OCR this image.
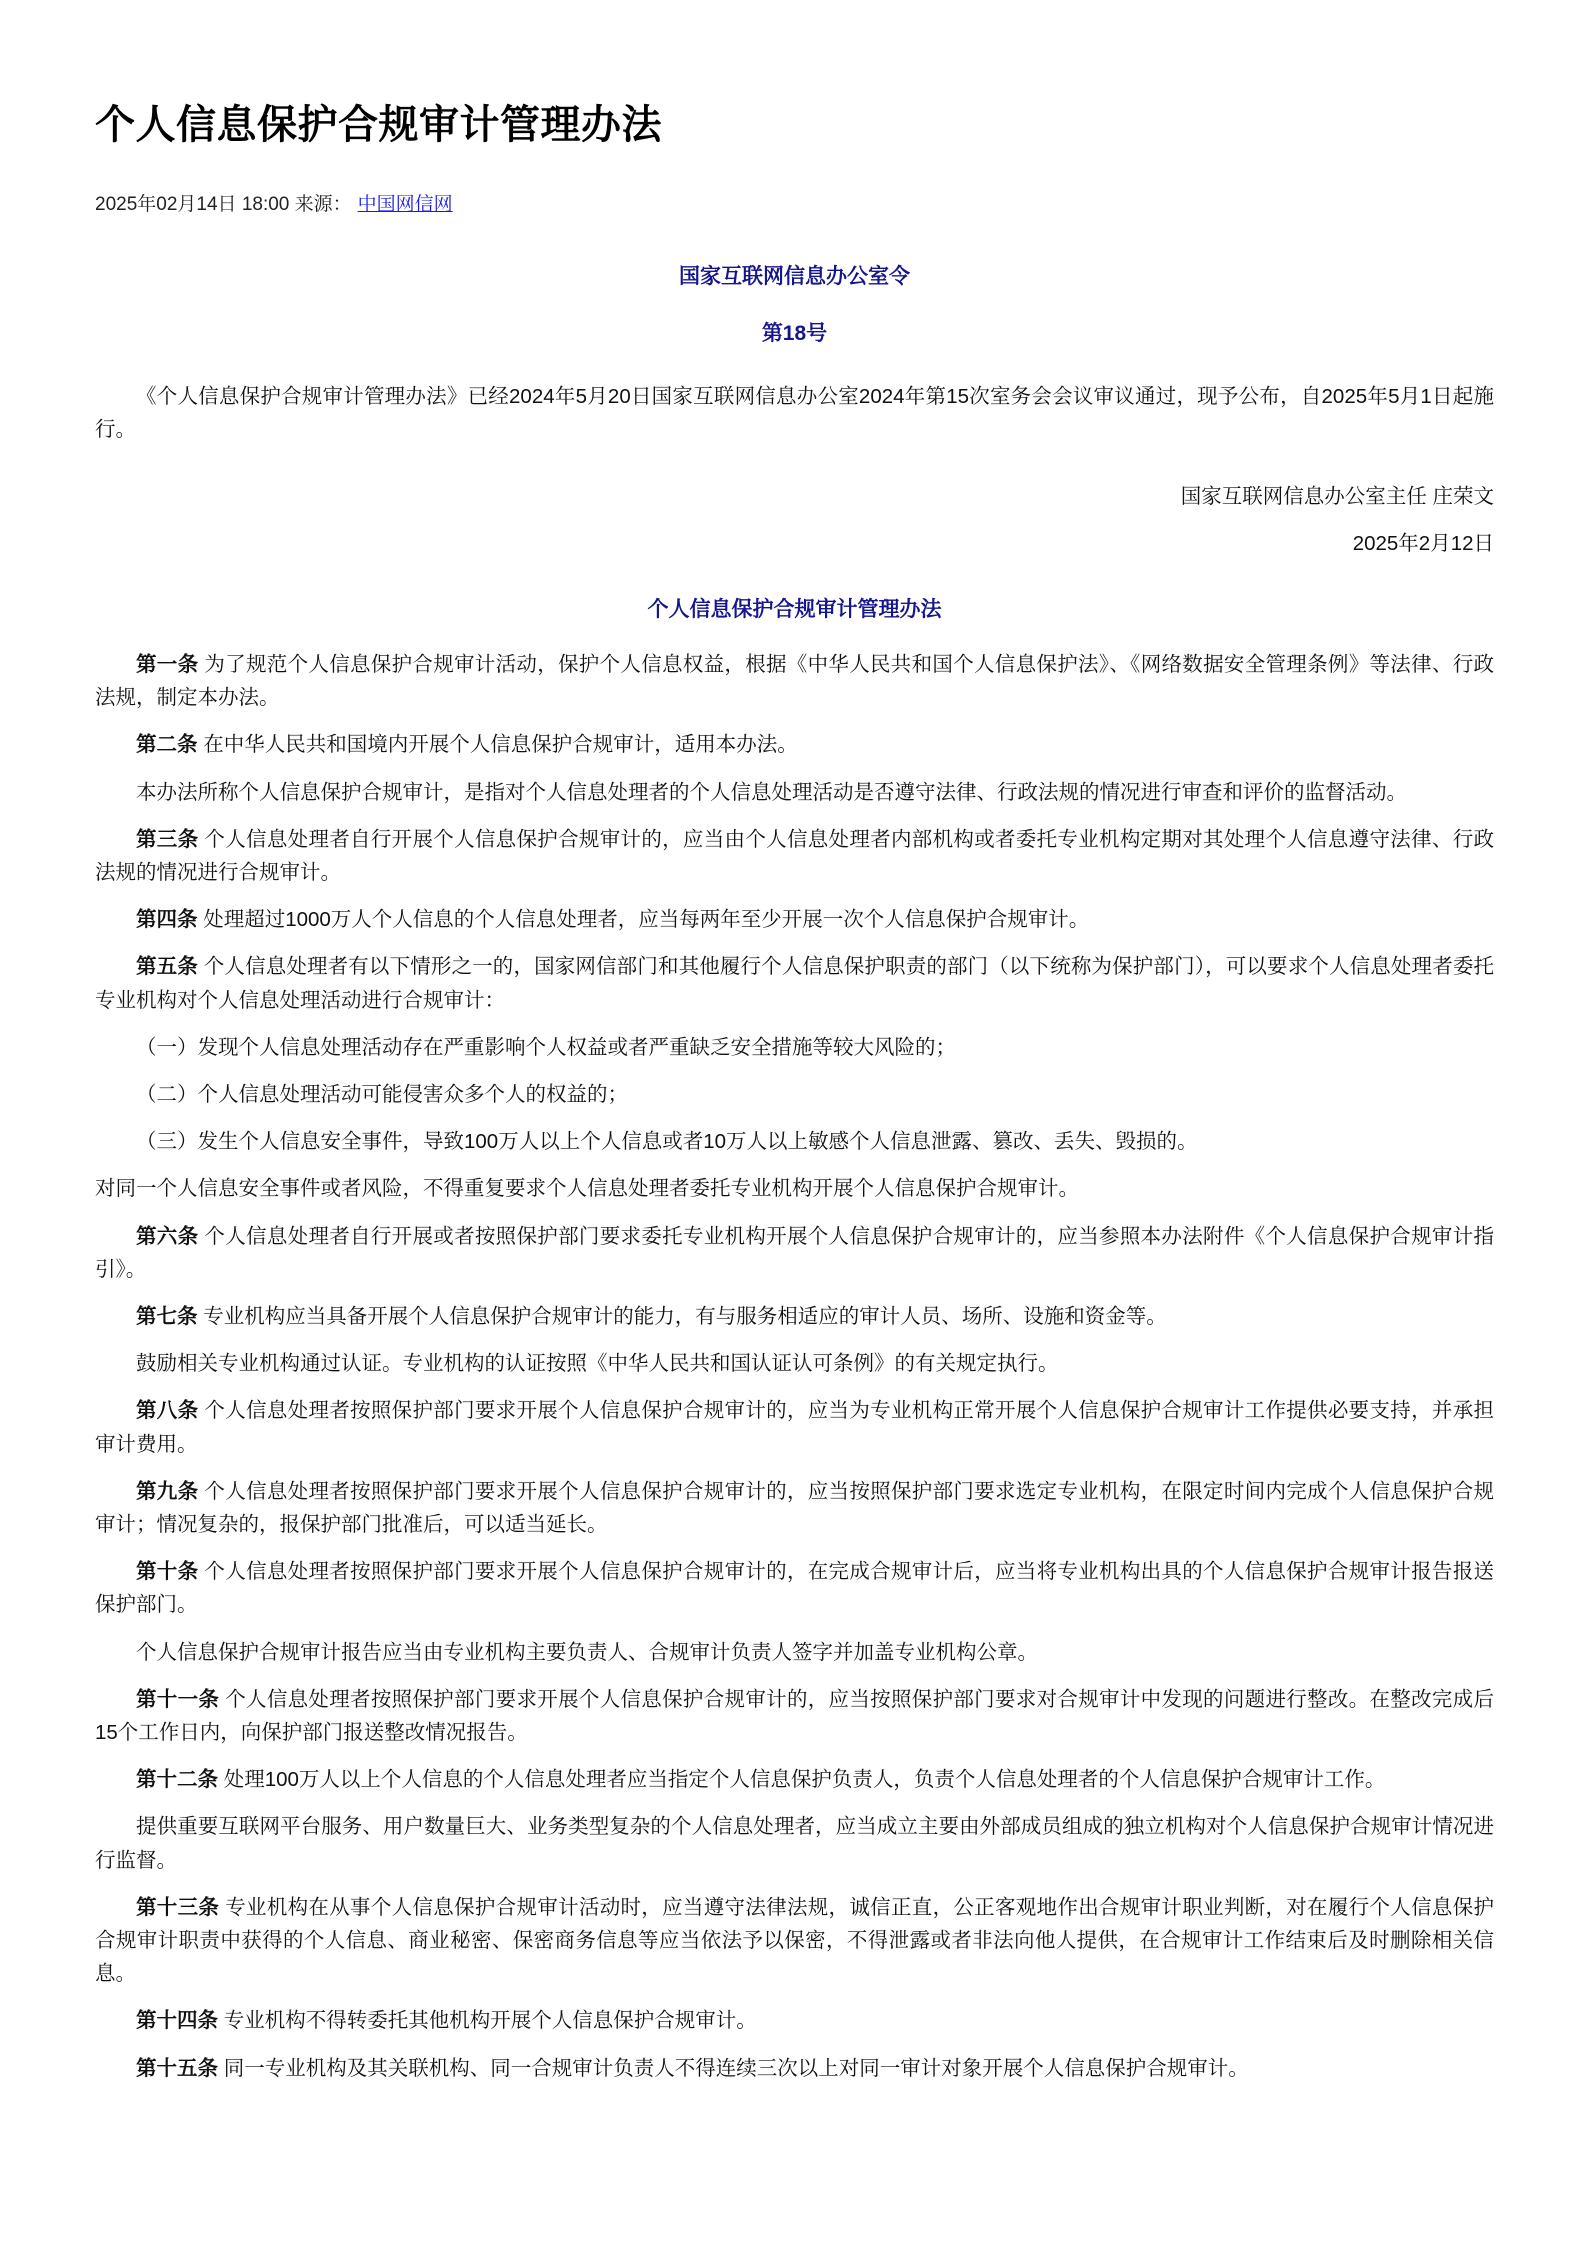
个人信息保护合规审计管理办法
2025年02月14日 18:00 来源： 中国网信网
国家互联网信息办公室令
第18号

《个人信息保护合规审计管理办法》已经2024年5月20日国家互联网信息办公室2024年第15次室务会会议审议通过，现予公布，自2025年5月1日起施行。

国家互联网信息办公室主任 庄荣文

2025年2月12日

个人信息保护合规审计管理办法

第一条 为了规范个人信息保护合规审计活动，保护个人信息权益，根据《中华人民共和国个人信息保护法》、《网络数据安全管理条例》等法律、行政法规，制定本办法。

第二条 在中华人民共和国境内开展个人信息保护合规审计，适用本办法。

本办法所称个人信息保护合规审计，是指对个人信息处理者的个人信息处理活动是否遵守法律、行政法规的情况进行审查和评价的监督活动。

第三条 个人信息处理者自行开展个人信息保护合规审计的，应当由个人信息处理者内部机构或者委托专业机构定期对其处理个人信息遵守法律、行政法规的情况进行合规审计。

第四条 处理超过1000万人个人信息的个人信息处理者，应当每两年至少开展一次个人信息保护合规审计。

第五条 个人信息处理者有以下情形之一的，国家网信部门和其他履行个人信息保护职责的部门（以下统称为保护部门），可以要求个人信息处理者委托专业机构对个人信息处理活动进行合规审计：

（一）发现个人信息处理活动存在严重影响个人权益或者严重缺乏安全措施等较大风险的；

（二）个人信息处理活动可能侵害众多个人的权益的；

（三）发生个人信息安全事件，导致100万人以上个人信息或者10万人以上敏感个人信息泄露、篡改、丢失、毁损的。

对同一个人信息安全事件或者风险，不得重复要求个人信息处理者委托专业机构开展个人信息保护合规审计。

第六条 个人信息处理者自行开展或者按照保护部门要求委托专业机构开展个人信息保护合规审计的，应当参照本办法附件《个人信息保护合规审计指引》。

第七条 专业机构应当具备开展个人信息保护合规审计的能力，有与服务相适应的审计人员、场所、设施和资金等。

鼓励相关专业机构通过认证。专业机构的认证按照《中华人民共和国认证认可条例》的有关规定执行。

第八条 个人信息处理者按照保护部门要求开展个人信息保护合规审计的，应当为专业机构正常开展个人信息保护合规审计工作提供必要支持，并承担审计费用。

第九条 个人信息处理者按照保护部门要求开展个人信息保护合规审计的，应当按照保护部门要求选定专业机构，在限定时间内完成个人信息保护合规审计；情况复杂的，报保护部门批准后，可以适当延长。

第十条 个人信息处理者按照保护部门要求开展个人信息保护合规审计的，在完成合规审计后，应当将专业机构出具的个人信息保护合规审计报告报送保护部门。

个人信息保护合规审计报告应当由专业机构主要负责人、合规审计负责人签字并加盖专业机构公章。

第十一条 个人信息处理者按照保护部门要求开展个人信息保护合规审计的，应当按照保护部门要求对合规审计中发现的问题进行整改。在整改完成后15个工作日内，向保护部门报送整改情况报告。

第十二条 处理100万人以上个人信息的个人信息处理者应当指定个人信息保护负责人，负责个人信息处理者的个人信息保护合规审计工作。

提供重要互联网平台服务、用户数量巨大、业务类型复杂的个人信息处理者，应当成立主要由外部成员组成的独立机构对个人信息保护合规审计情况进行监督。

第十三条 专业机构在从事个人信息保护合规审计活动时，应当遵守法律法规，诚信正直，公正客观地作出合规审计职业判断，对在履行个人信息保护合规审计职责中获得的个人信息、商业秘密、保密商务信息等应当依法予以保密，不得泄露或者非法向他人提供，在合规审计工作结束后及时删除相关信息。

第十四条 专业机构不得转委托其他机构开展个人信息保护合规审计。

第十五条 同一专业机构及其关联机构、同一合规审计负责人不得连续三次以上对同一审计对象开展个人信息保护合规审计。
